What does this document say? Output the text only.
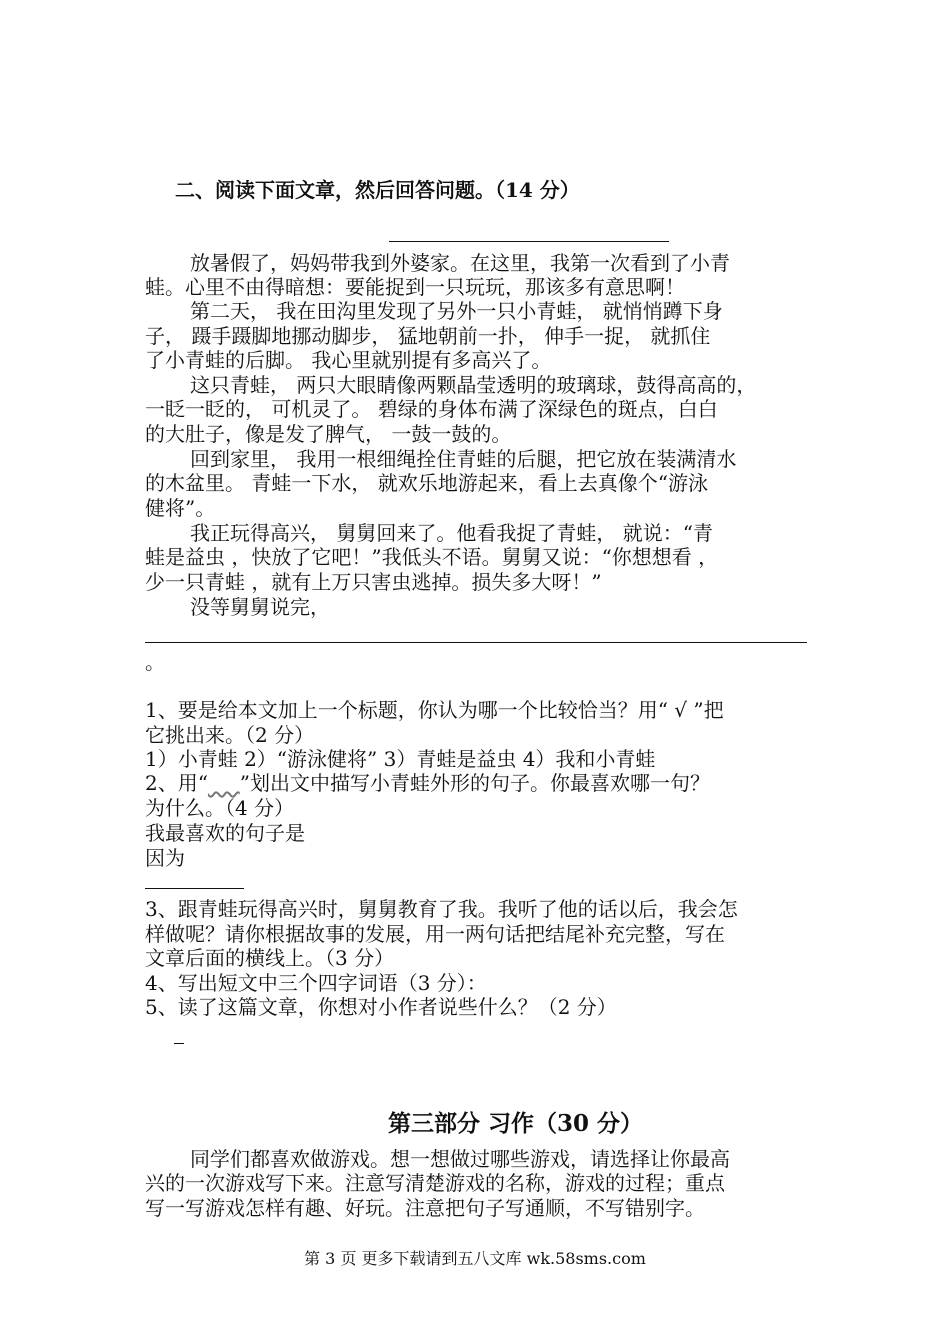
二、阅读下面文章，然后回答问题。（14 分）
放暑假了，妈妈带我到外婆家。在这里，我第一次看到了小青
蛙。心里不由得暗想：要能捉到一只玩玩，那该多有意思啊！
第二天， 我在田沟里发现了另外一只小青蛙， 就悄悄蹲下身
子， 蹑手蹑脚地挪动脚步， 猛地朝前一扑， 伸手一捉， 就抓住
了小青蛙的后脚。 我心里就别提有多高兴了。
这只青蛙， 两只大眼睛像两颗晶莹透明的玻璃球，鼓得高高的，
一眨一眨的， 可机灵了。 碧绿的身体布满了深绿色的斑点，白白
的大肚子，像是发了脾气， 一鼓一鼓的。
回到家里， 我用一根细绳拴住青蛙的后腿，把它放在装满清水
的木盆里。 青蛙一下水， 就欢乐地游起来，看上去真像个“游泳
健将”。
我正玩得高兴， 舅舅回来了。他看我捉了青蛙， 就说：“青
蛙是益虫 ，快放了它吧！”我低头不语。舅舅又说：“你想想看 ，
少一只青蛙 ，就有上万只害虫逃掉。损失多大呀！”
没等舅舅说完，
。
1、要是给本文加上一个标题，你认为哪一个比较恰当？用“ √ ”把
它挑出来。（2 分）
1）小青蛙 2）“游泳健将” 3）青蛙是益虫 4）我和小青蛙
2、用“ ”划出文中描写小青蛙外形的句子。你最喜欢哪一句？
为什么。（4 分）
我最喜欢的句子是
因为
3、跟青蛙玩得高兴时，舅舅教育了我。我听了他的话以后，我会怎
样做呢？请你根据故事的发展，用一两句话把结尾补充完整，写在
文章后面的横线上。（3 分）
4、写出短文中三个四字词语（3 分）：
5、读了这篇文章，你想对小作者说些什么？（2 分）
第三部分 习作（30 分）
同学们都喜欢做游戏。想一想做过哪些游戏，请选择让你最高
兴的一次游戏写下来。注意写清楚游戏的名称，游戏的过程；重点
写一写游戏怎样有趣、好玩。注意把句子写通顺，不写错别字。
第 3 页 更多下载请到五八文库 wk.58sms.com
